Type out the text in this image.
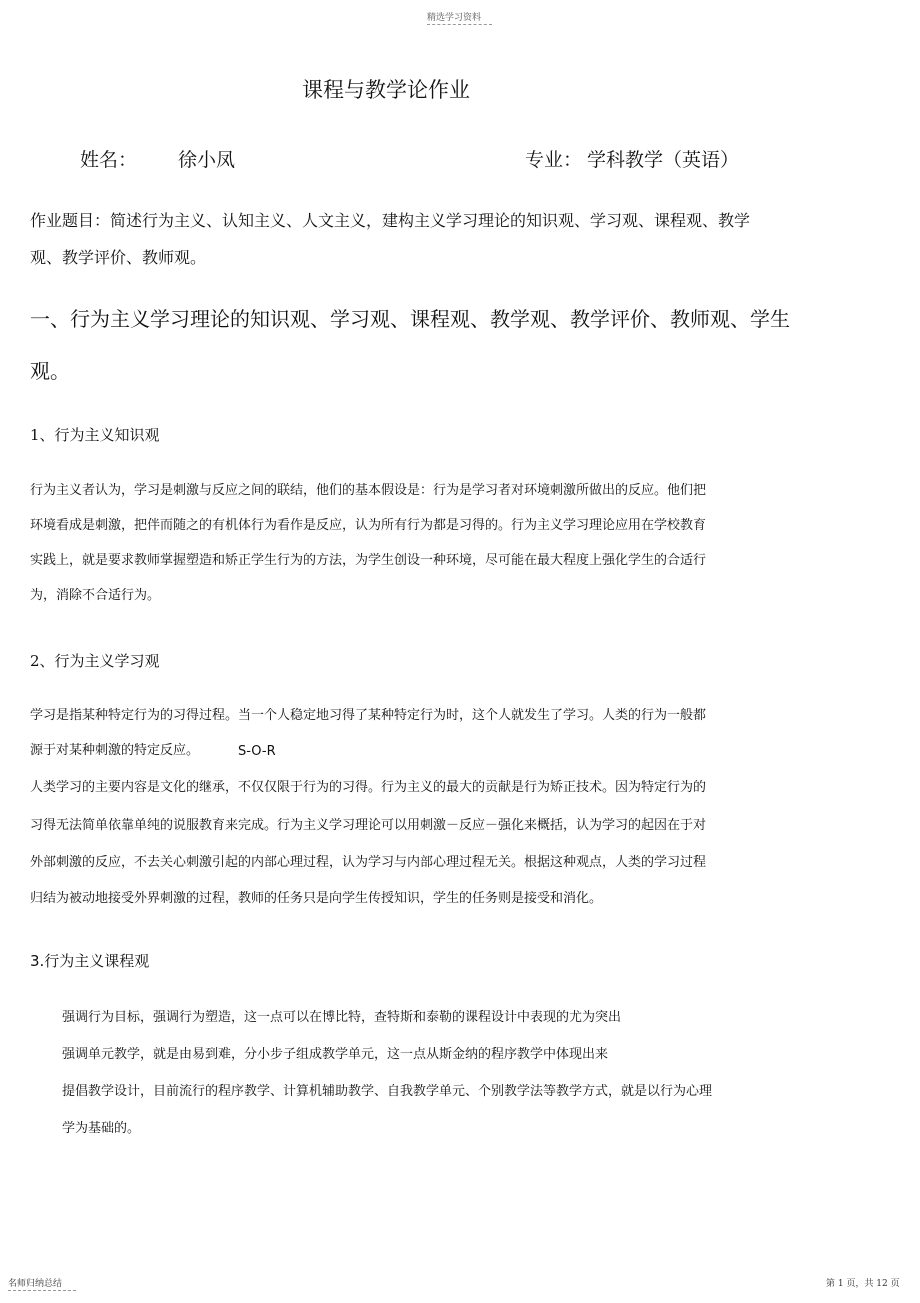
精选学习资料
课程与教学论作业
姓名： 徐小凤	专业： 学科教学（英语）
作业题目：简述行为主义、认知主义、人文主义，建构主义学习理论的知识观、学习观、课程观、教学
观、教学评价、教师观。
一、行为主义学习理论的知识观、学习观、课程观、教学观、教学评价、教师观、学生
观。
1、行为主义知识观
行为主义者认为，学习是刺激与反应之间的联结，他们的基本假设是：行为是学习者对环境刺激所做出的反应。他们把
环境看成是刺激，把伴而随之的有机体行为看作是反应，认为所有行为都是习得的。行为主义学习理论应用在学校教育
实践上，就是要求教师掌握塑造和矫正学生行为的方法，为学生创设一种环境，尽可能在最大程度上强化学生的合适行
为，消除不合适行为。
2、行为主义学习观
学习是指某种特定行为的习得过程。当一个人稳定地习得了某种特定行为时，这个人就发生了学习。人类的行为一般都
源于对某种刺激的特定反应。	S-O-R
人类学习的主要内容是文化的继承，不仅仅限于行为的习得。行为主义的最大的贡献是行为矫正技术。因为特定行为的
习得无法简单依靠单纯的说服教育来完成。行为主义学习理论可以用刺激－反应－强化来概括，认为学习的起因在于对
外部刺激的反应，不去关心刺激引起的内部心理过程，认为学习与内部心理过程无关。根据这种观点，人类的学习过程
归结为被动地接受外界刺激的过程，教师的任务只是向学生传授知识，学生的任务则是接受和消化。
3.行为主义课程观
强调行为目标，强调行为塑造，这一点可以在博比特，查特斯和泰勒的课程设计中表现的尤为突出
强调单元教学，就是由易到难，分小步子组成教学单元，这一点从斯金纳的程序教学中体现出来
提倡教学设计，目前流行的程序教学、计算机辅助教学、自我教学单元、个别教学法等教学方式，就是以行为心理
学为基础的。
名师归纳总结	第 1 页，共 12 页
